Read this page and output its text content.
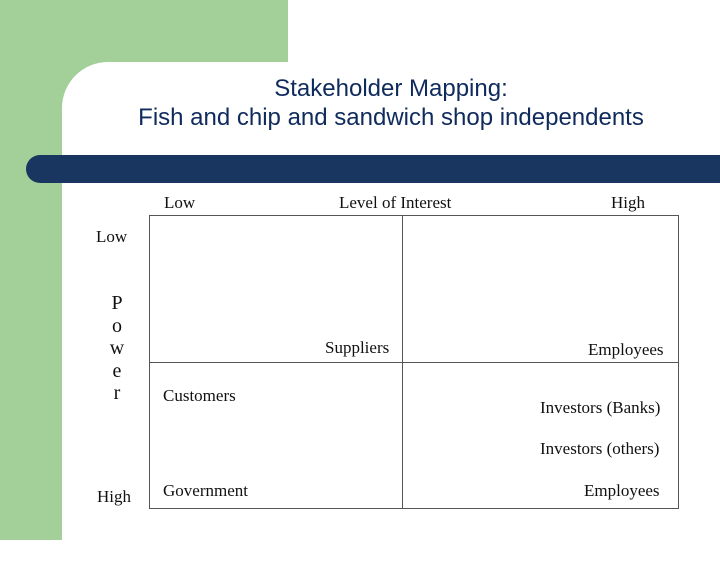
Stakeholder Mapping:
Fish and chip and sandwich shop independents
Low	Level of Interest	High
Low
P
o
w
e
r
High
Suppliers	Employees
Customers
Investors (Banks)
Investors (others)
Government	Employees
